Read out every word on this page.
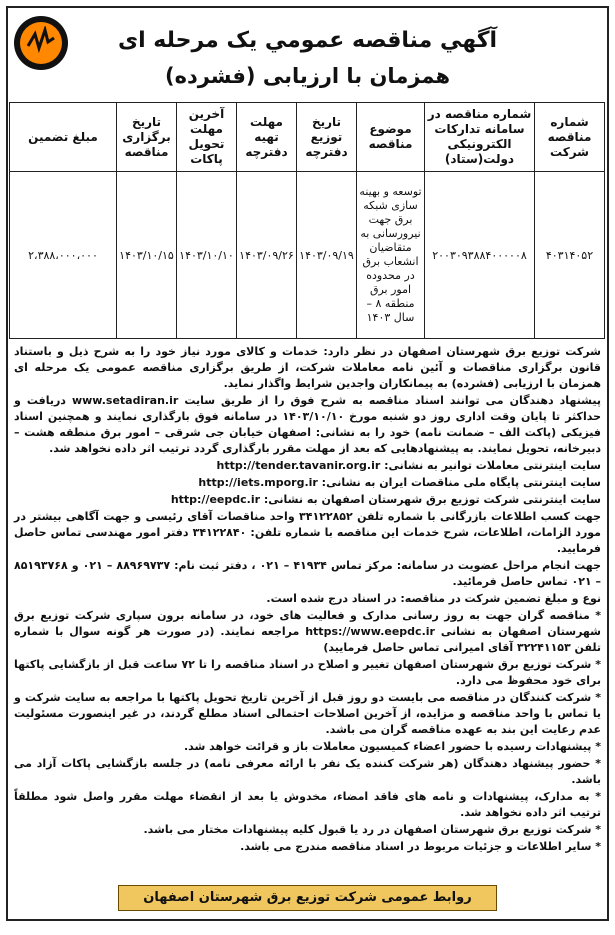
آگهي مناقصه عمومي يک مرحله ای
همزمان با ارزیابی (فشرده)
شماره مناقصه شرکت	شماره مناقصه در سامانه تدارکات الکترونیکی دولت(ستاد)	موضوع مناقصه	تاریخ توزیع دفترچه	مهلت تهیه دفترچه	آخرین مهلت تحویل پاکات	تاریخ برگزاری مناقصه	مبلغ تضمین
۴۰۳۱۴۰۵۲	۲۰۰۳۰۹۳۸۸۴۰۰۰۰۰۸	توسعه و بهینه سازی شبکه برق جهت نیرورسانی به متقاضیان انشعاب برق در محدوده امور برق منطقه ۸ – سال ۱۴۰۳	۱۴۰۳/۰۹/۱۹	۱۴۰۳/۰۹/۲۶	۱۴۰۳/۱۰/۱۰	۱۴۰۳/۱۰/۱۵	۲،۳۸۸،۰۰۰،۰۰۰

شرکت توزیع برق شهرستان اصفهان در نظر دارد: خدمات و کالای مورد نیاز خود را به شرح ذیل و باستناد قانون برگزاری مناقصات و آئین نامه معاملات شرکت، از طریق برگزاری مناقصه عمومی یک مرحله ای همزمان با ارزیابی (فشرده) به پیمانکاران واجدین شرایط واگذار نماید.

پیشنهاد دهندگان می توانند اسناد مناقصه به شرح فوق را از طریق سایت www.setadiran.ir دریافت و حداکثر تا پایان وقت اداری روز دو شنبه مورخ ۱۴۰۳/۱۰/۱۰ در سامانه فوق بارگذاری نمایند و همچنین اسناد فیزیکی (پاکت الف – ضمانت نامه) خود را به نشانی: اصفهان خیابان جی شرقی – امور برق منطقه هشت – دبیرخانه، تحویل نمایند. به پیشنهادهایی که بعد از مهلت مقرر بارگذاری گردد ترتیب اثر داده نخواهد شد.

سایت اینترنتی معاملات توانیر به نشانی: http://tender.tavanir.org.ir

سایت اینترنتی پایگاه ملی مناقصات ایران به نشانی: http://iets.mporg.ir

سایت اینترنتی شرکت توزیع برق شهرستان اصفهان به نشانی: http://eepdc.ir

جهت کسب اطلاعات بازرگانی با شماره تلفن ۳۴۱۲۲۸۵۲ واحد مناقصات آقای رئیسی و جهت آگاهی بیشتر در مورد الزامات، اطلاعات، شرح خدمات این مناقصه با شماره تلفن: ۳۴۱۲۲۸۴۰ دفتر امور مهندسی تماس حاصل فرمایید.

جهت انجام مراحل عضویت در سامانه: مرکز تماس ۴۱۹۳۴ – ۰۲۱ ، دفتر ثبت نام: ۸۸۹۶۹۷۳۷ – ۰۲۱ و ۸۵۱۹۳۷۶۸ – ۰۲۱ تماس حاصل فرمائید.

نوع و مبلغ تضمین شرکت در مناقصه: در اسناد درج شده است.

* مناقصه گران جهت به روز رسانی مدارک و فعالیت های خود، در سامانه برون سپاری شرکت توزیع برق شهرستان اصفهان به نشانی https://www.eepdc.ir مراجعه نمایند. (در صورت هر گونه سوال با شماره تلفن ۳۲۲۴۱۱۵۳ آقای امیرانی تماس حاصل فرمایید)

* شرکت توزیع برق شهرستان اصفهان تغییر و اصلاح در اسناد مناقصه را تا ۷۲ ساعت قبل از بازگشایی پاکتها برای خود محفوظ می دارد.

* شرکت کنندگان در مناقصه می بایست دو روز قبل از آخرین تاریخ تحویل پاکتها با مراجعه به سایت شرکت و یا تماس با واحد مناقصه و مزایده، از آخرین اصلاحات احتمالی اسناد مطلع گردند، در غیر اینصورت مسئولیت عدم رعایت این بند به عهده مناقصه گران می باشد.

* پیشنهادات رسیده با حضور اعضاء کمیسیون معاملات باز و قرائت خواهد شد.

* حضور پیشنهاد دهندگان (هر شرکت کننده یک نفر با ارائه معرفی نامه) در جلسه بازگشایی پاکات آزاد می باشد.

* به مدارک، پیشنهادات و نامه های فاقد امضاء، مخدوش یا بعد از انقضاء مهلت مقرر واصل شود مطلقاً ترتیب اثر داده نخواهد شد.

* شرکت توزیع برق شهرستان اصفهان در رد یا قبول کلیه پیشنهادات مختار می باشد.

* سایر اطلاعات و جزئیات مربوط در اسناد مناقصه مندرج می باشد.

روابط عمومی شرکت توزیع برق شهرستان اصفهان
